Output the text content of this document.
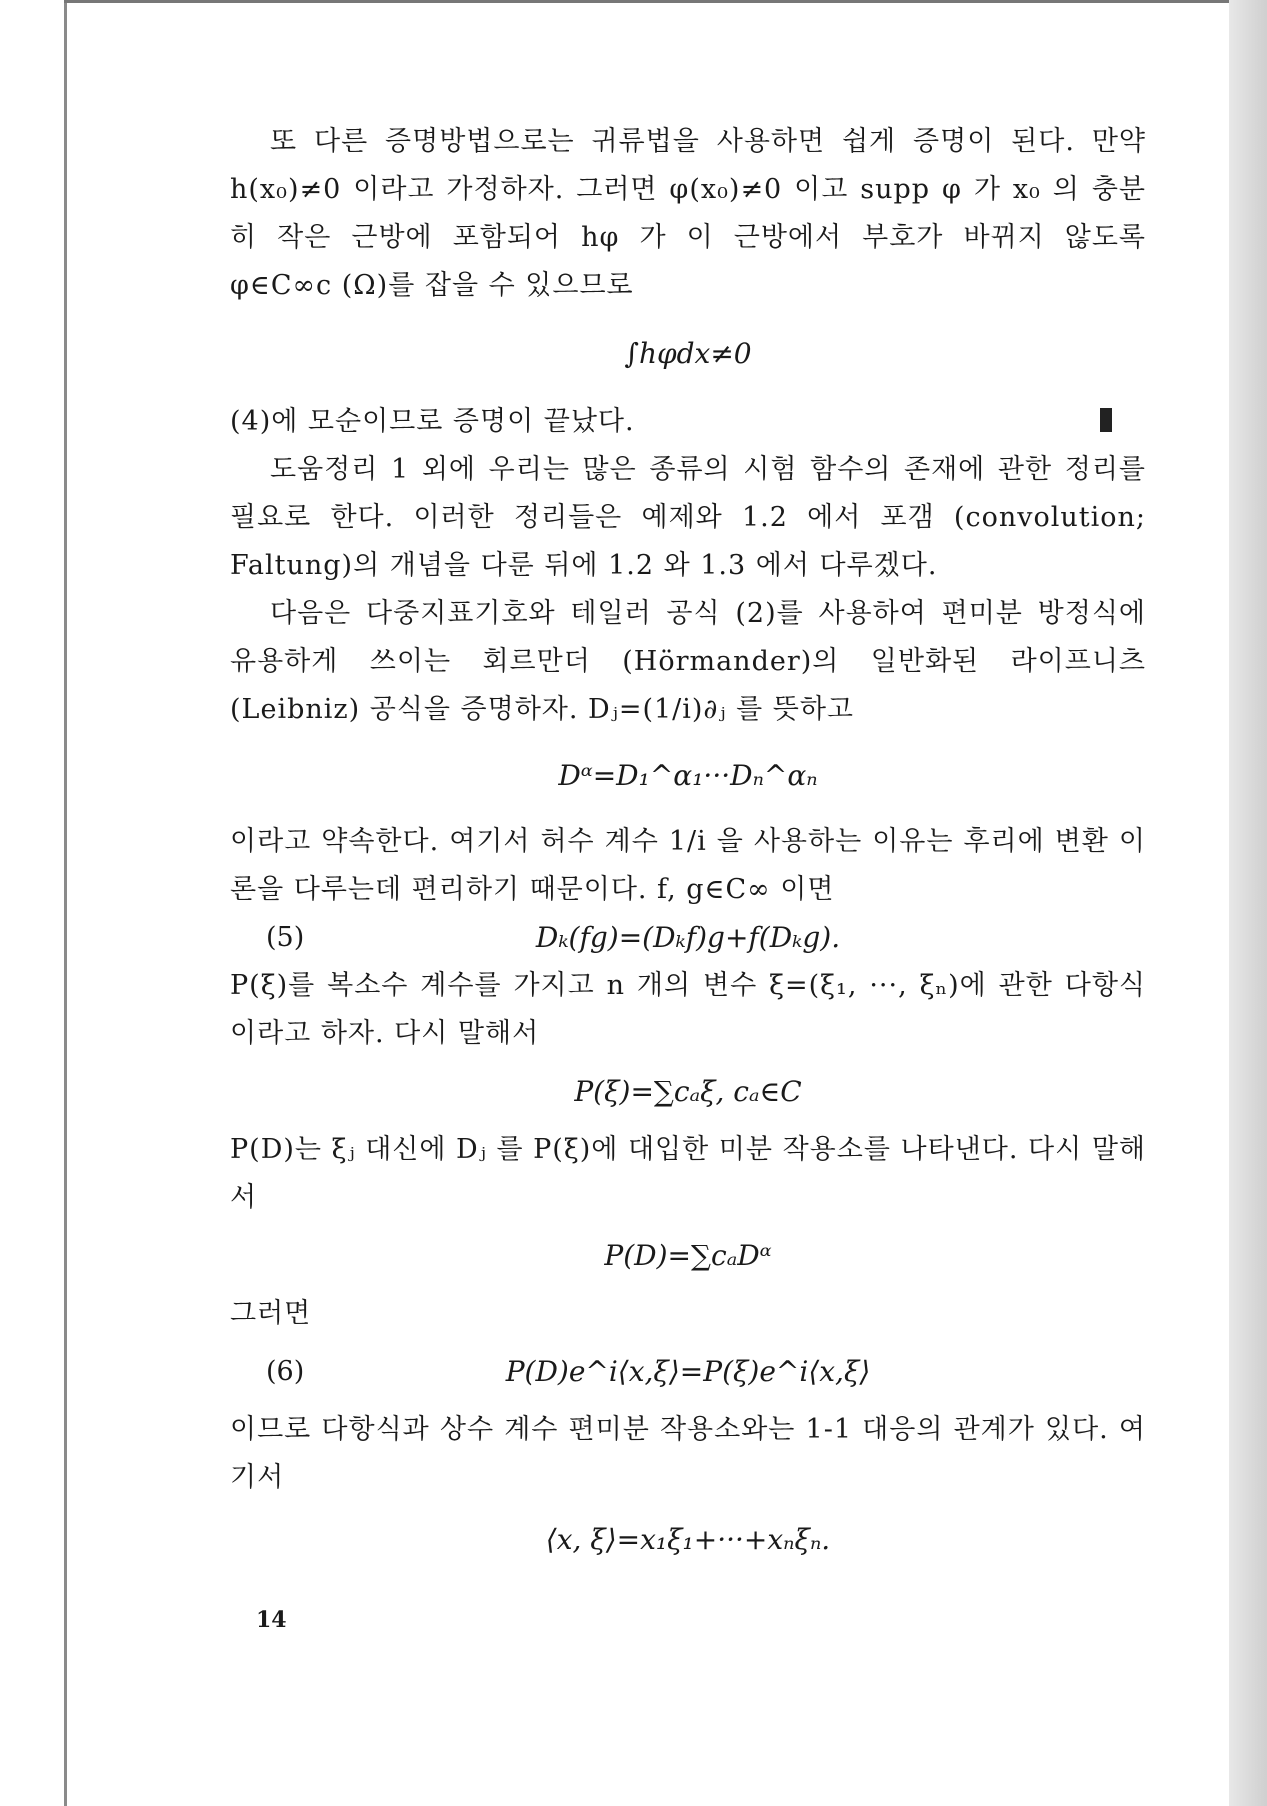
또 다른 증명방법으로는 귀류법을 사용하면 쉽게 증명이 된다. 만약 h(x₀)≠0 이라고 가정하자. 그러면 φ(x₀)≠0 이고 supp φ 가 x₀ 의 충분히 작은 근방에 포함되어 hφ 가 이 근방에서 부호가 바뀌지 않도록 φ∈C∞c (Ω)를 잡을 수 있으므로

∫hφdx≠0

(4)에 모순이므로 증명이 끝났다.

도움정리 1 외에 우리는 많은 종류의 시험 함수의 존재에 관한 정리를 필요로 한다. 이러한 정리들은 예제와 1.2 에서 포갬 (convolution; Faltung)의 개념을 다룬 뒤에 1.2 와 1.3 에서 다루겠다.

다음은 다중지표기호와 테일러 공식 (2)를 사용하여 편미분 방정식에 유용하게 쓰이는 회르만더 (Hörmander)의 일반화된 라이프니츠 (Leibniz) 공식을 증명하자. Dⱼ=(1/i)∂ⱼ 를 뜻하고

Dᵅ=D₁^α₁···Dₙ^αₙ

이라고 약속한다. 여기서 허수 계수 1/i 을 사용하는 이유는 후리에 변환 이론을 다루는데 편리하기 때문이다. f, g∈C∞ 이면

(5)	Dₖ(fg)=(Dₖf)g+f(Dₖg).

P(ξ)를 복소수 계수를 가지고 n 개의 변수 ξ=(ξ₁, ···, ξₙ)에 관한 다항식이라고 하자. 다시 말해서

P(ξ)=∑cₐξ, cₐ∈C

P(D)는 ξⱼ 대신에 Dⱼ 를 P(ξ)에 대입한 미분 작용소를 나타낸다. 다시 말해서

P(D)=∑cₐDᵅ

그러면

(6)	P(D)e^i⟨x,ξ⟩=P(ξ)e^i⟨x,ξ⟩

이므로 다항식과 상수 계수 편미분 작용소와는 1-1 대응의 관계가 있다. 여기서

⟨x, ξ⟩=x₁ξ₁+···+xₙξₙ.

14
